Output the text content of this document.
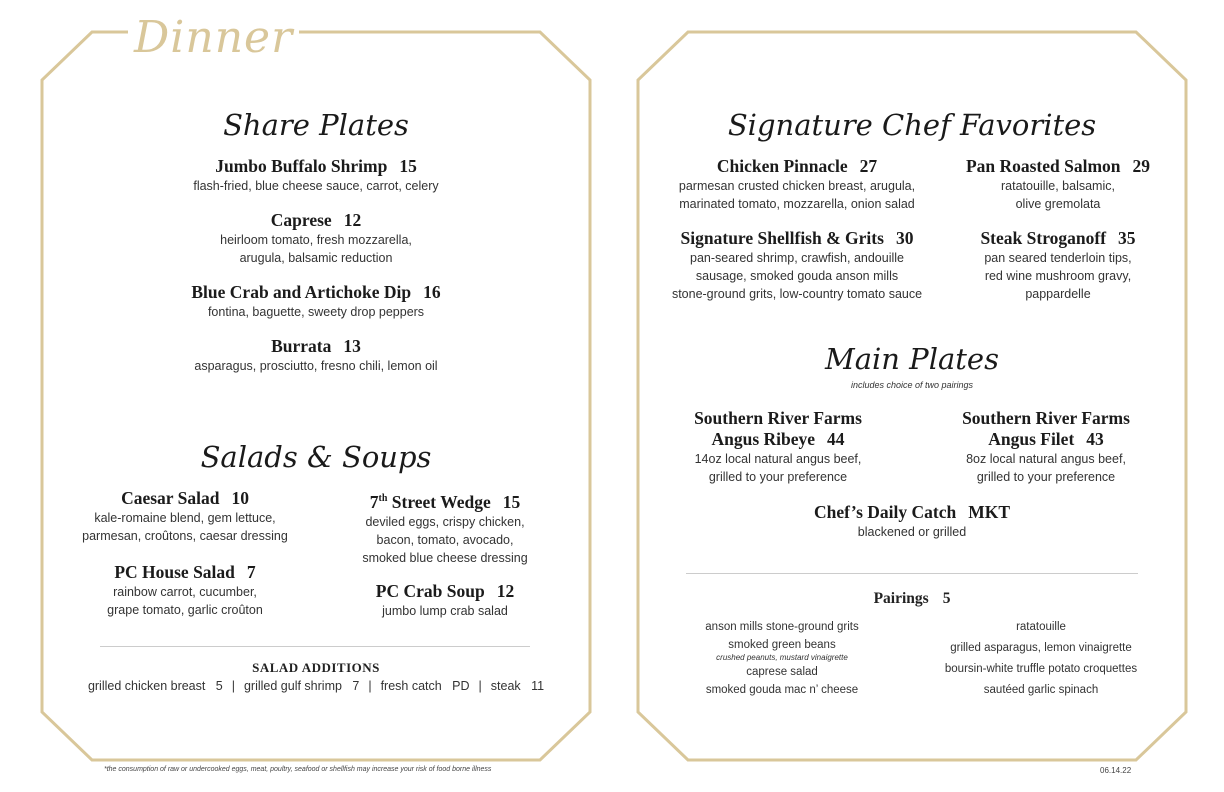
Dinner
Share Plates
Jumbo Buffalo Shrimp 15
flash-fried, blue cheese sauce, carrot, celery
Caprese 12
heirloom tomato, fresh mozzarella,
arugula, balsamic reduction
Blue Crab and Artichoke Dip 16
fontina, baguette, sweety drop peppers
Burrata 13
asparagus, prosciutto, fresno chili, lemon oil
Salads & Soups
Caesar Salad 10
kale-romaine blend, gem lettuce,
parmesan, croûtons, caesar dressing
7th Street Wedge 15
deviled eggs, crispy chicken,
bacon, tomato, avocado,
smoked blue cheese dressing
PC House Salad 7
rainbow carrot, cucumber,
grape tomato, garlic croûton
PC Crab Soup 12
jumbo lump crab salad
SALAD ADDITIONS
grilled chicken breast 5 | grilled gulf shrimp 7 | fresh catch PD | steak 11
Signature Chef Favorites
Chicken Pinnacle 27
parmesan crusted chicken breast, arugula,
marinated tomato, mozzarella, onion salad
Pan Roasted Salmon 29
ratatouille, balsamic,
olive gremolata
Signature Shellfish & Grits 30
pan-seared shrimp, crawfish, andouille
sausage, smoked gouda anson mills
stone-ground grits, low-country tomato sauce
Steak Stroganoff 35
pan seared tenderloin tips,
red wine mushroom gravy,
pappardelle
Main Plates
includes choice of two pairings
Southern River Farms
Angus Ribeye 44
14oz local natural angus beef,
grilled to your preference
Southern River Farms
Angus Filet 43
8oz local natural angus beef,
grilled to your preference
Chef’s Daily Catch MKT
blackened or grilled
Pairings 5
anson mills stone-ground grits
smoked green beans
crushed peanuts, mustard vinaigrette
caprese salad
smoked gouda mac n’ cheese
ratatouille
grilled asparagus, lemon vinaigrette
boursin-white truffle potato croquettes
sautéed garlic spinach
*the consumption of raw or undercooked eggs, meat, poultry, seafood or shellfish may increase your risk of food borne illness	06.14.22
